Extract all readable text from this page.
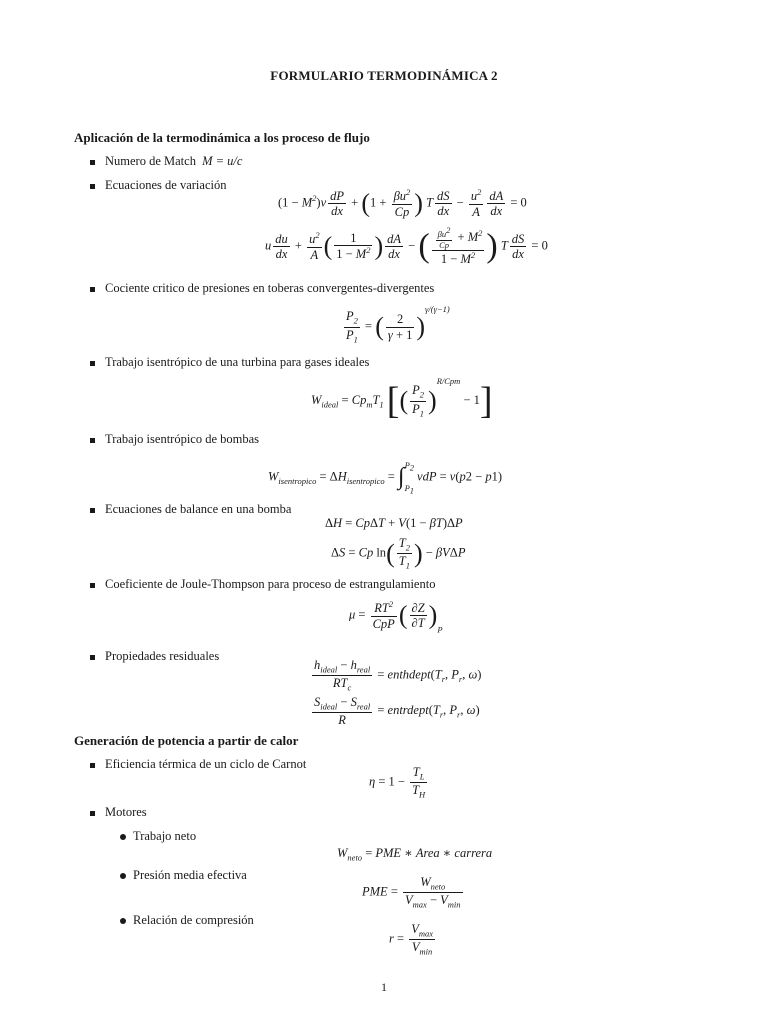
FORMULARIO TERMODINÁMICA 2
Aplicación de la termodinámica a los proceso de flujo
Numero de Match M = u/c
Ecuaciones de variación
$(1 - M^2)v \frac{dP}{dx} + (1 + \frac{\beta u^2}{Cp}$ ) T $\frac{dS}{dx} - \frac{u^2}{A} \frac{dA}{dx} = 0$
u $\frac{du}{dx} + \frac{u^2}{A}$ ( $\frac{1}{1 - M^2}$ ) $\frac{dA}{dx}$ − ( $\frac{\frac{\beta u^2}{Cp} + M^2}{1 - M^2}$ ) T $\frac{dS}{dx} = 0$
Cociente critico de presiones en toberas convergentes-divergentes
$\frac{P_2}{P_1}$ = ( $\frac{2}{\gamma + 1} )^{\gamma/(\gamma-1)}$
Trabajo isentrópico de una turbina para gases ideales
$W_{ideal} = Cp_mT_1$ [( $\frac{P_2}{P_1} )^{R/Cpm} - 1$]
Trabajo isentrópico de bombas
$W_{isentropico} = \Delta H_{isentropico}$ = ∫ $P_2$
$P_1$
vdP = v(p2 − p1)
Ecuaciones de balance en una bomba
ΔH = CpΔT + V(1 − βT)ΔP
ΔS = Cp $\ln( \frac{T_2}{T_1}$ ) − βVΔP
Coeficiente de Joule-Thompson para proceso de estrangulamiento
$\mu = \frac{RT^2}{\text{CpP}}$ ( $\frac{\partial Z}{\partial T} )_P$
Propiedades residuales
$\frac{h_{ideal} - h_{real}}{RT_c}$ = $enthdept(T_r$, $P_r$, ω)
$\frac{S_{ideal} - S_{real}}{R}$ = $entrdept(T_r$, $P_r$, ω)
Generación de potencia a partir de calor
Eficiencia térmica de un ciclo de Carnot
$\eta = 1 - \frac{T_L}{T_H}$
Motores
Trabajo neto
$W_{neto}$ = PME ∗ Area ∗ carrera
Presión media efectiva
PME = $\frac{W_{neto}}{V_{max} - V_{min}}$
Relación de compresión
$r = \frac{V_{max}}{V_{min}}$
1
